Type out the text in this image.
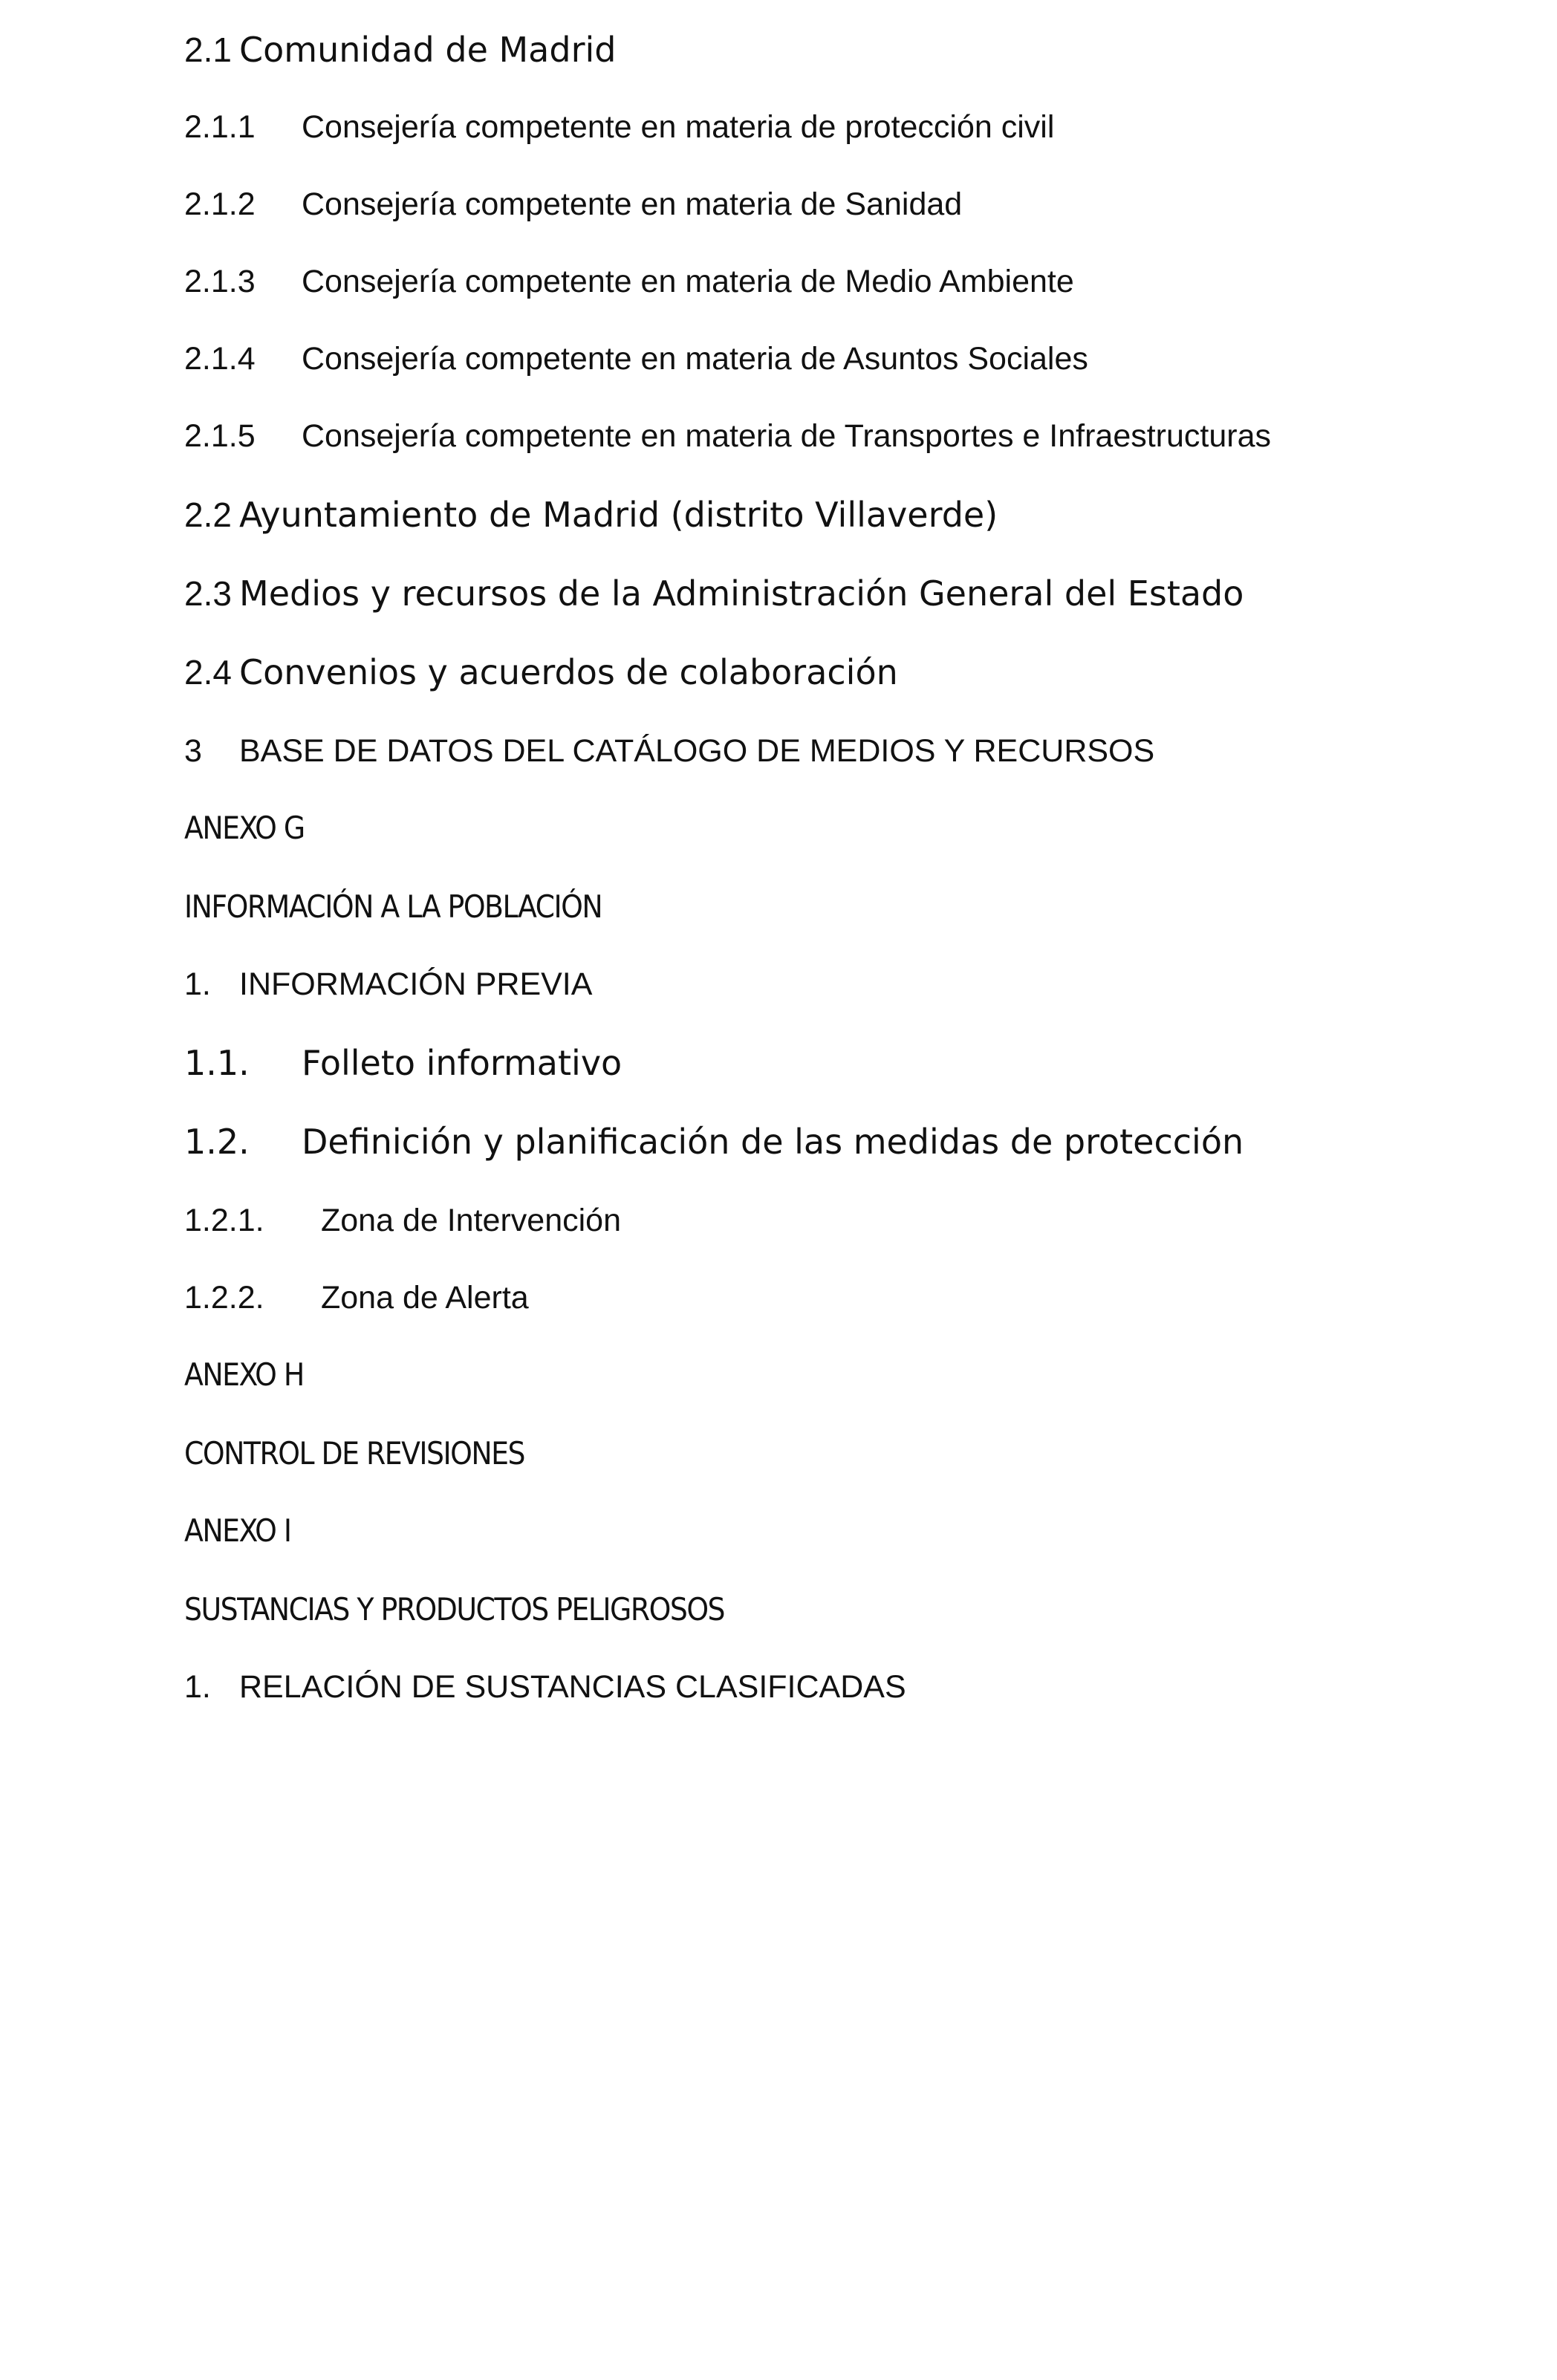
2.1 Comunidad de Madrid
2.1.1 Consejería competente en materia de protección civil
2.1.2 Consejería competente en materia de Sanidad
2.1.3 Consejería competente en materia de Medio Ambiente
2.1.4 Consejería competente en materia de Asuntos Sociales
2.1.5 Consejería competente en materia de Transportes e Infraestructuras
2.2 Ayuntamiento de Madrid (distrito Villaverde)
2.3 Medios y recursos de la Administración General del Estado
2.4 Convenios y acuerdos de colaboración
3 BASE DE DATOS DEL CATÁLOGO DE MEDIOS Y RECURSOS
ANEXO G
INFORMACIÓN A LA POBLACIÓN
1. INFORMACIÓN PREVIA
1.1. Folleto informativo
1.2. Definición y planificación de las medidas de protección
1.2.1. Zona de Intervención
1.2.2. Zona de Alerta
ANEXO H
CONTROL DE REVISIONES
ANEXO I
SUSTANCIAS Y PRODUCTOS PELIGROSOS
1. RELACIÓN DE SUSTANCIAS CLASIFICADAS
